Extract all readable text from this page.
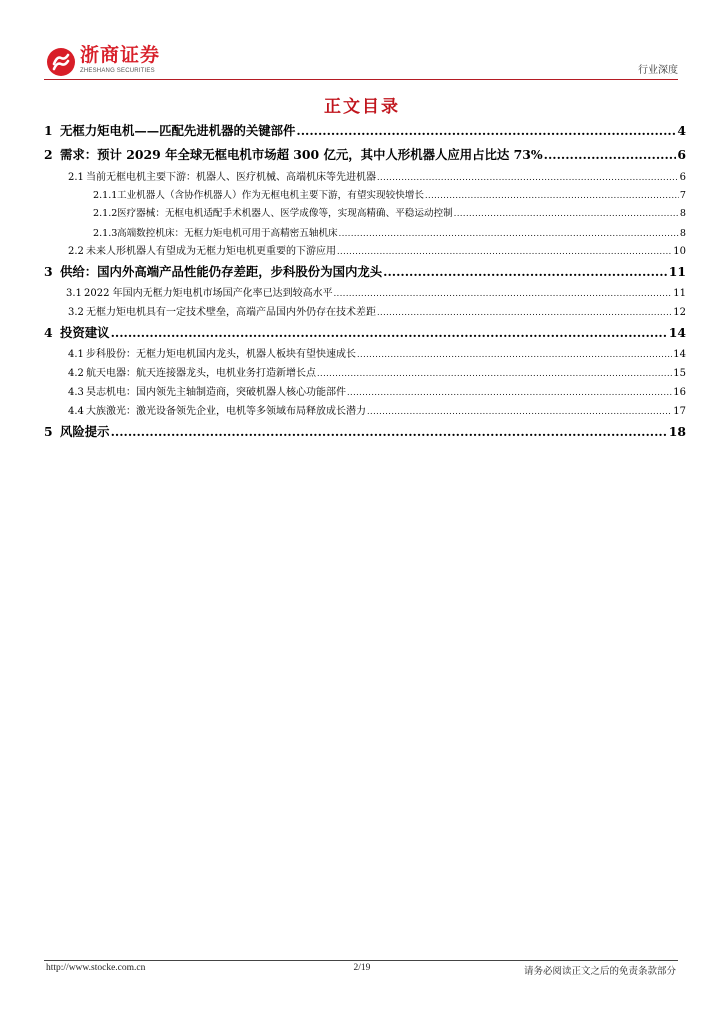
浙商证券
ZHESHANG SECURITIES	行业深度
正文目录
1 无框力矩电机——匹配先进机器的关键部件 .....	4
2 需求：预计 2029 年全球无框电机市场超 300 亿元，其中人形机器人应用占比达 73% .....	6
2.1 当前无框电机主要下游：机器人、医疗机械、高端机床等先进机器 .....	6
2.1.1 工业机器人（含协作机器人）作为无框电机主要下游，有望实现较快增长 .....	7
2.1.2 医疗器械：无框电机适配手术机器人、医学成像等，实现高精确、平稳运动控制 .....	8
2.1.3 高端数控机床：无框力矩电机可用于高精密五轴机床 .....	8
2.2 未来人形机器人有望成为无框力矩电机更重要的下游应用 .....	10
3 供给：国内外高端产品性能仍存差距，步科股份为国内龙头 .....	11
3.1 2022 年国内无框力矩电机市场国产化率已达到较高水平 .....	11
3.2 无框力矩电机具有一定技术壁垒，高端产品国内外仍存在技术差距 .....	12
4 投资建议 .....	14
4.1 步科股份：无框力矩电机国内龙头，机器人板块有望快速成长 .....	14
4.2 航天电器：航天连接器龙头，电机业务打造新增长点 .....	15
4.3 昊志机电：国内领先主轴制造商，突破机器人核心功能部件 .....	16
4.4 大族激光：激光设备领先企业，电机等多领域布局释放成长潜力 .....	17
5 风险提示 .....	18
http://www.stocke.com.cn	2/19	请务必阅读正文之后的免责条款部分
